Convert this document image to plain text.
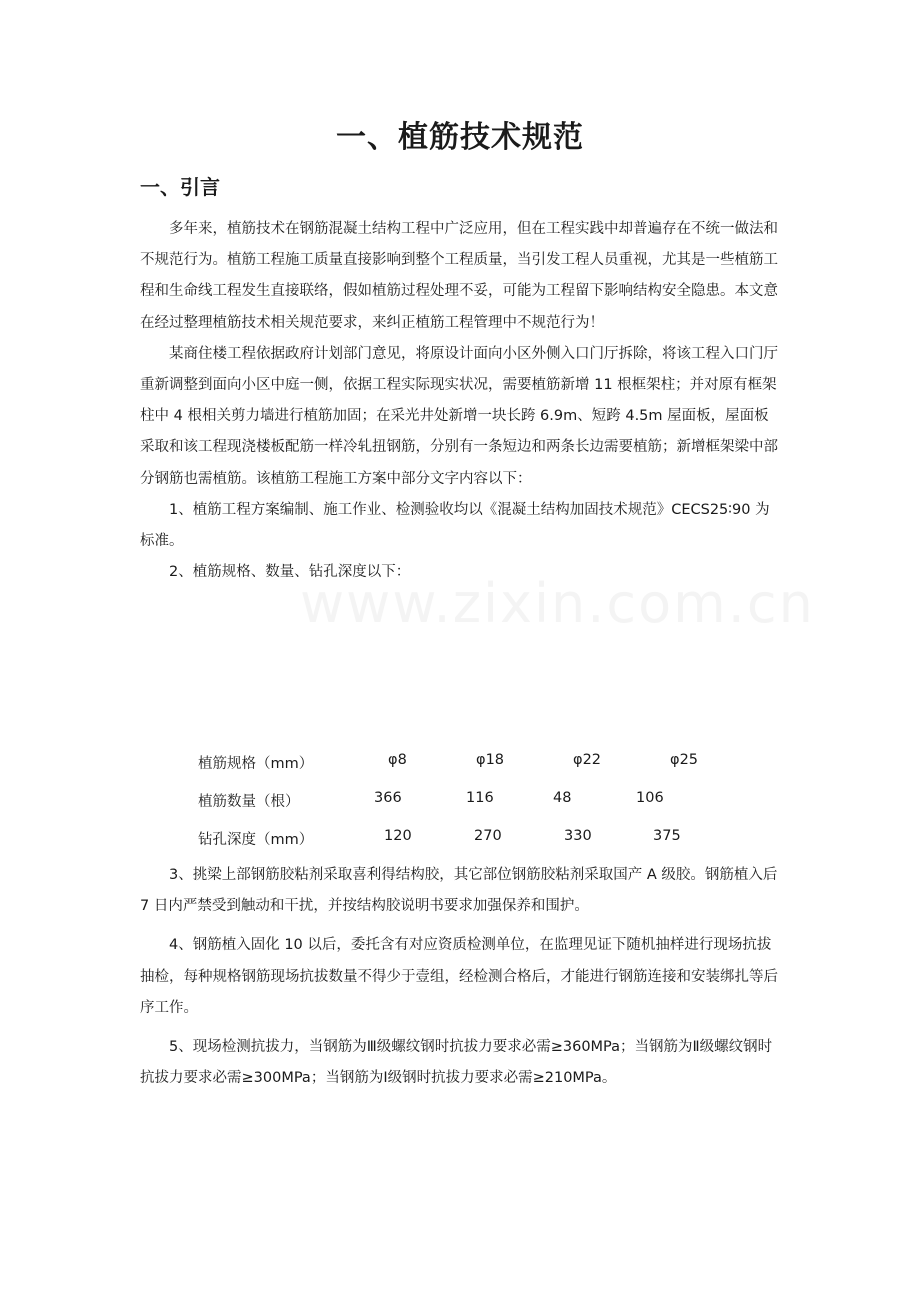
www.zixin.com.cn
一、植筋技术规范
一、引言

多年来，植筋技术在钢筋混凝土结构工程中广泛应用，但在工程实践中却普遍存在不统一做法和不规范行为。植筋工程施工质量直接影响到整个工程质量，当引发工程人员重视，尤其是一些植筋工程和生命线工程发生直接联络，假如植筋过程处理不妥，可能为工程留下影响结构安全隐患。本文意在经过整理植筋技术相关规范要求，来纠正植筋工程管理中不规范行为！

某商住楼工程依据政府计划部门意见，将原设计面向小区外侧入口门厅拆除，将该工程入口门厅重新调整到面向小区中庭一侧，依据工程实际现实状况，需要植筋新增 11 根框架柱；并对原有框架柱中 4 根相关剪力墙进行植筋加固；在采光井处新增一块长跨 6.9m、短跨 4.5m 屋面板，屋面板采取和该工程现浇楼板配筋一样冷轧扭钢筋，分别有一条短边和两条长边需要植筋；新增框架梁中部分钢筋也需植筋。该植筋工程施工方案中部分文字内容以下：

1、植筋工程方案编制、施工作业、检测验收均以《混凝土结构加固技术规范》CECS25∶90 为标准。

2、植筋规格、数量、钻孔深度以下：

植筋规格（mm）	φ8	φ18	φ22	φ25
植筋数量（根）	366	116	48	106
钻孔深度（mm）	120	270	330	375

3、挑梁上部钢筋胶粘剂采取喜利得结构胶，其它部位钢筋胶粘剂采取国产 A 级胶。钢筋植入后 7 日内严禁受到触动和干扰，并按结构胶说明书要求加强保养和围护。

4、钢筋植入固化 10 以后，委托含有对应资质检测单位，在监理见证下随机抽样进行现场抗拔抽检，每种规格钢筋现场抗拔数量不得少于壹组，经检测合格后，才能进行钢筋连接和安装绑扎等后序工作。

5、现场检测抗拔力，当钢筋为Ⅲ级螺纹钢时抗拔力要求必需≥360MPa；当钢筋为Ⅱ级螺纹钢时抗拔力要求必需≥300MPa；当钢筋为Ⅰ级钢时抗拔力要求必需≥210MPa。
